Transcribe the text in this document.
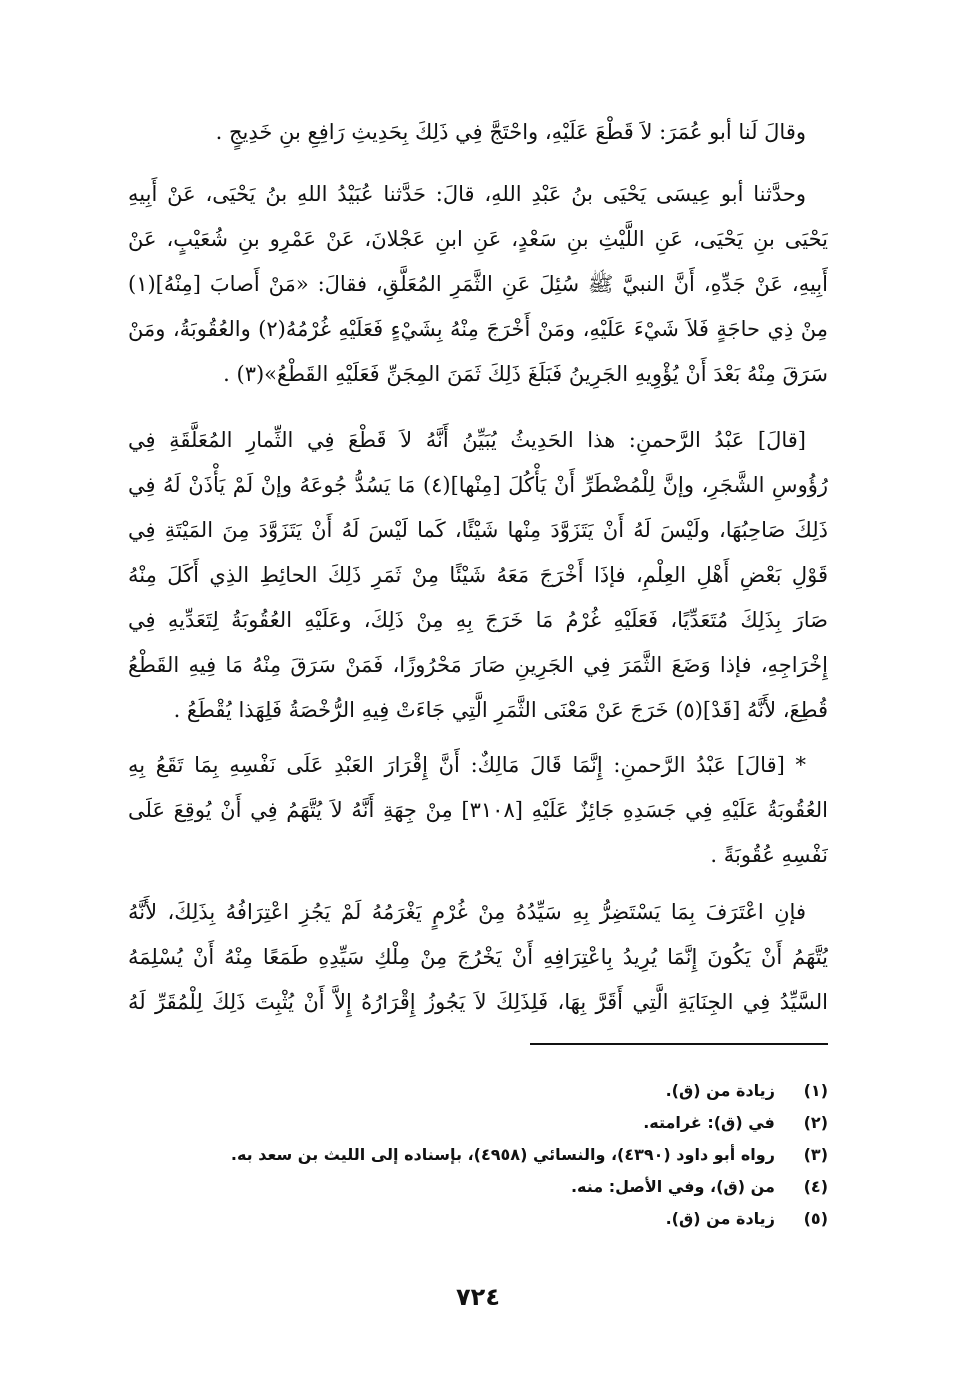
وقالَ لَنا أبو عُمَرَ: لاَ قَطْعَ عَلَيْهِ، واحْتَجَّ فِي ذَلِكَ بِحَدِيثِ رَافِعِ بنِ خَدِيجٍ .

وحدَّثنا أبو عِيسَى يَحْيَى بنُ عَبْدِ اللهِ، قالَ: حَدَّثنا عُبَيْدُ اللهِ بنُ يَحْيَى، عَنْ أَبِيهِ
يَحْيَى بنِ يَحْيَى، عَنِ اللَّيْثِ بنِ سَعْدٍ، عَنِ ابنِ عَجْلانَ، عَنْ عَمْرِو بنِ شُعَيْبٍ، عَنْ
أَبِيهِ، عَنْ جَدِّهِ، أَنَّ النبيَّ ﷺ سُئِلَ عَنِ الثَّمَرِ المُعَلَّقِ، فقالَ: «مَنْ أَصابَ [مِنْهُ](١)
مِنْ ذِي حاجَةٍ فَلاَ شَيْءَ عَلَيْهِ، ومَنْ أَخْرَجَ مِنْهُ بِشَيْءٍ فَعَلَيْهِ غُرْمُهُ(٢) والعُقُوبَةُ، ومَنْ
سَرَقَ مِنْهُ بَعْدَ أَنْ يُؤْوِيهِ الجَرِينُ فَبَلَغَ ذَلِكَ ثَمَنَ المِجَنِّ فَعَلَيْهِ القَطْعُ»(٣) .

[قالَ] عَبْدُ الرَّحمنِ: هذا الحَدِيثُ يُبَيِّنُ أَنَّهُ لاَ قَطْعَ فِي الثِّمارِ المُعَلَّقَةِ فِي
رُؤُوسِ الشَّجَرِ، وإنَّ لِلْمُضْطَرِّ أَنْ يَأْكُلَ [مِنْها](٤) مَا يَسُدُّ جُوعَهُ وإنْ لَمْ يَأْذَنْ لَهُ فِي
ذَلِكَ صَاحِبُهَا، ولَيْسَ لَهُ أَنْ يَتَزَوَّدَ مِنْها شَيْئًا، كَما لَيْسَ لَهُ أَنْ يَتَزَوَّدَ مِنَ المَيْتَةِ فِي
قَوْلِ بَعْضِ أَهْلِ العِلْمِ، فإذَا أَخْرَجَ مَعَهُ شَيْئًا مِنْ ثَمَرِ ذَلِكَ الحائِطِ الذِي أَكَلَ مِنْهُ
صَارَ بِذَلِكَ مُتَعَدِّيًا، فَعَلَيْهِ غُرْمُ مَا خَرَجَ بِهِ مِنْ ذَلِكَ، وعَلَيْهِ العُقُوبَةُ لِتَعَدِّيهِ فِي
إِخْرَاجِهِ، فإذا وَضَعَ الثَّمَرَ فِي الجَرِينِ صَارَ مَحْرُوزًا، فَمَنْ سَرَقَ مِنْهُ مَا فِيهِ القَطْعُ
قُطِعَ، لأَنَّهُ [قَدْ](٥) خَرَجَ عَنْ مَعْنَى الثَّمَرِ الَّتِي جَاءَتْ فِيهِ الرُّخْصَةُ فَلِهَذا يُقْطَعُ .

* [قالَ] عَبْدُ الرَّحمنِ: إِنَّمَا قَالَ مَالِكٌ: أَنَّ إِقْرَارَ العَبْدِ عَلَى نَفْسِهِ بِمَا تَقَعُ بِهِ
العُقُوبَةُ عَلَيْهِ فِي جَسَدِهِ جَائِزٌ عَلَيْهِ [٣١٠٨] مِنْ جِهَةِ أَنَّهُ لاَ يُتَّهَمُ فِي أَنْ يُوقِعَ عَلَى
نَفْسِهِ عُقُوبَةً .

فإنِ اعْتَرَفَ بِمَا يَسْتَضِرُّ بِهِ سَيِّدُهُ مِنْ غُرْمٍ يَغْرَمُهُ لَمْ يَجُزِ اعْتِرَافُهُ بِذَلِكَ، لأَنَّهُ
يُتَّهَمُ أَنْ يَكُونَ إِنَّمَا يُرِيدُ بِاعْتِرَافِهِ أَنْ يَخْرُجَ مِنْ مِلْكِ سَيِّدِهِ طَمَعًا مِنْهُ أَنْ يُسْلِمَهُ
السَّيِّدُ فِي الجِنَايَةِ الَّتِي أَقَرَّ بِهَا، فَلِذَلِكَ لاَ يَجُوزُ إِقْرَارُهُ إِلاَّ أَنْ يُثْبِتَ ذَلِكَ لِلْمُقَرِّ لَهُ

(١) زيادة من (ق).
(٢) في (ق): غرامته.
(٣) رواه أبو داود (٤٣٩٠)، والنسائي (٤٩٥٨)، بإسناده إلى الليث بن سعد به.
(٤) من (ق)، وفي الأصل: منه.
(٥) زيادة من (ق).
٧٢٤
